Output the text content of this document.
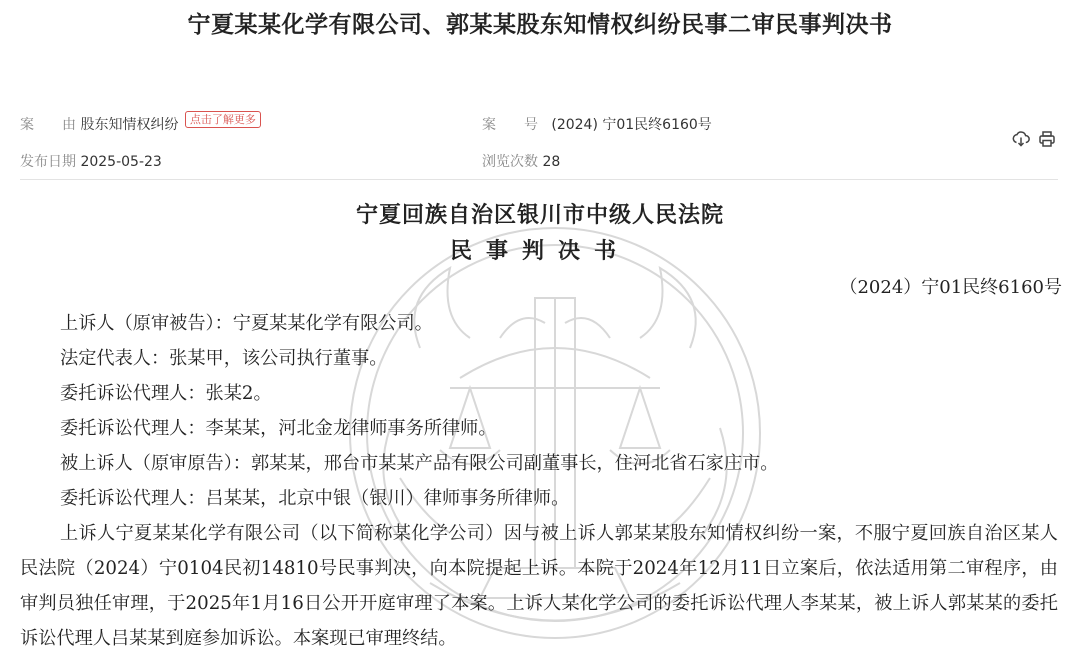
宁夏某某化学有限公司、郭某某股东知情权纠纷民事二审民事判决书
案　　由 股东知情权纠纷 点击了解更多	案　　号 (2024) 宁01民终6160号
发布日期 2025-05-23	浏览次数 28
宁夏回族自治区银川市中级人民法院
民事判决书
（2024）宁01民终6160号

上诉人（原审被告）：宁夏某某化学有限公司。

法定代表人：张某甲，该公司执行董事。

委托诉讼代理人：张某2。

委托诉讼代理人：李某某，河北金龙律师事务所律师。

被上诉人（原审原告）：郭某某，邢台市某某产品有限公司副董事长，住河北省石家庄市。

委托诉讼代理人：吕某某，北京中银（银川）律师事务所律师。

上诉人宁夏某某化学有限公司（以下简称某化学公司）因与被上诉人郭某某股东知情权纠纷一案，不服宁夏回族自治区某人民法院（2024）宁0104民初14810号民事判决，向本院提起上诉。本院于2024年12月11日立案后，依法适用第二审程序，由审判员独任审理，于2025年1月16日公开开庭审理了本案。上诉人某化学公司的委托诉讼代理人李某某，被上诉人郭某某的委托诉讼代理人吕某某到庭参加诉讼。本案现已审理终结。
